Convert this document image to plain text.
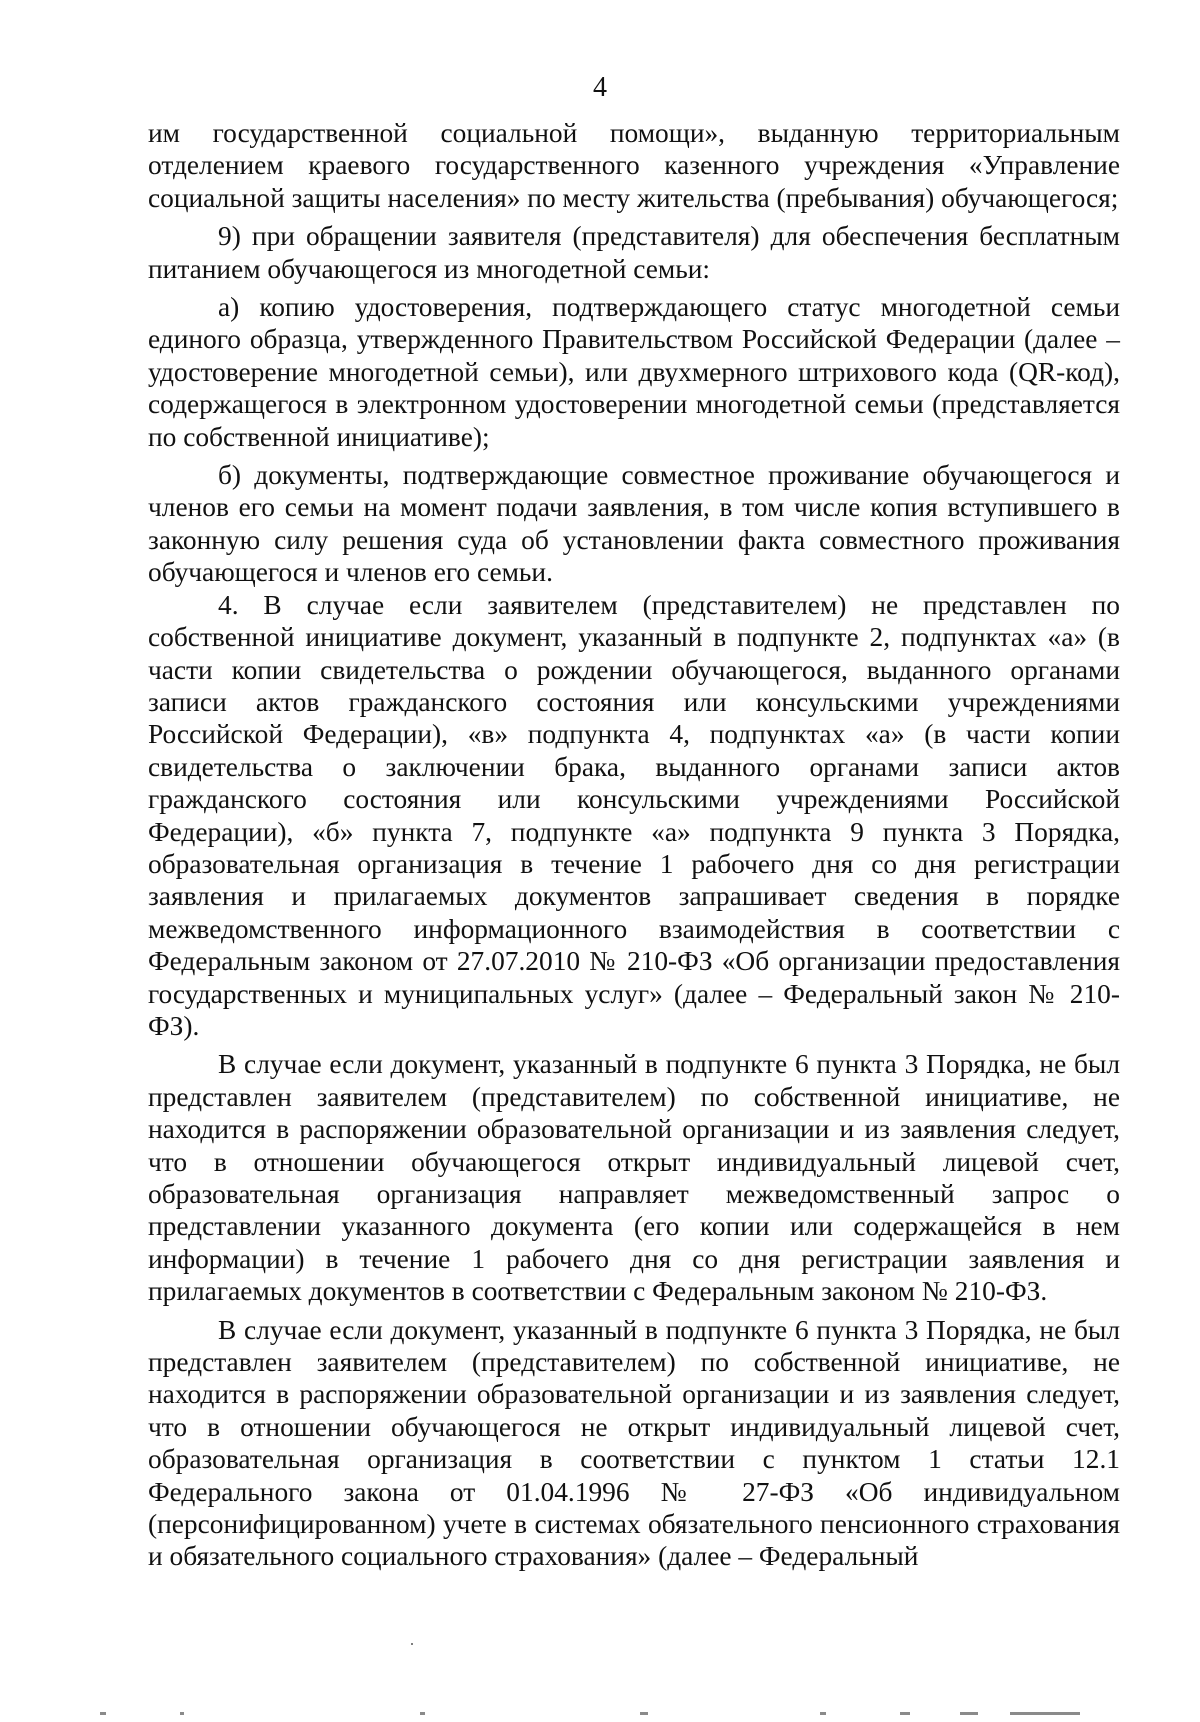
4

им государственной социальной помощи», выданную территориальным отделением краевого государственного казенного учреждения «Управление социальной защиты населения» по месту жительства (пребывания) обучающегося;

9) при обращении заявителя (представителя) для обеспечения бесплатным питанием обучающегося из многодетной семьи:

а) копию удостоверения, подтверждающего статус многодетной семьи единого образца, утвержденного Правительством Российской Федерации (далее – удостоверение многодетной семьи), или двухмерного штрихового кода (QR-код), содержащегося в электронном удостоверении многодетной семьи (представляется по собственной инициативе);

б) документы, подтверждающие совместное проживание обучающегося и членов его семьи на момент подачи заявления, в том числе копия вступившего в законную силу решения суда об установлении факта совместного проживания обучающегося и членов его семьи.

4. В случае если заявителем (представителем) не представлен по собственной инициативе документ, указанный в подпункте 2, подпунктах «а» (в части копии свидетельства о рождении обучающегося, выданного органами записи актов гражданского состояния или консульскими учреждениями Российской Федерации), «в» подпункта 4, подпунктах «а» (в части копии свидетельства о заключении брака, выданного органами записи актов гражданского состояния или консульскими учреждениями Российской Федерации), «б» пункта 7, подпункте «а» подпункта 9 пункта 3 Порядка, образовательная организация в течение 1 рабочего дня со дня регистрации заявления и прилагаемых документов запрашивает сведения в порядке межведомственного информационного взаимодействия в соответствии с Федеральным законом от 27.07.2010 № 210-ФЗ «Об организации предоставления государственных и муниципальных услуг» (далее – Федеральный закон № 210-ФЗ).

В случае если документ, указанный в подпункте 6 пункта 3 Порядка, не был представлен заявителем (представителем) по собственной инициативе, не находится в распоряжении образовательной организации и из заявления следует, что в отношении обучающегося открыт индивидуальный лицевой счет, образовательная организация направляет межведомственный запрос о представлении указанного документа (его копии или содержащейся в нем информации) в течение 1 рабочего дня со дня регистрации заявления и прилагаемых документов в соответствии с Федеральным законом № 210-ФЗ.

В случае если документ, указанный в подпункте 6 пункта 3 Порядка, не был представлен заявителем (представителем) по собственной инициативе, не находится в распоряжении образовательной организации и из заявления следует, что в отношении обучающегося не открыт индивидуальный лицевой счет, образовательная организация в соответствии с пунктом 1 статьи 12.1 Федерального закона от 01.04.1996 № 27-ФЗ «Об индивидуальном (персонифицированном) учете в системах обязательного пенсионного страхования и обязательного социального страхования» (далее – Федеральный
